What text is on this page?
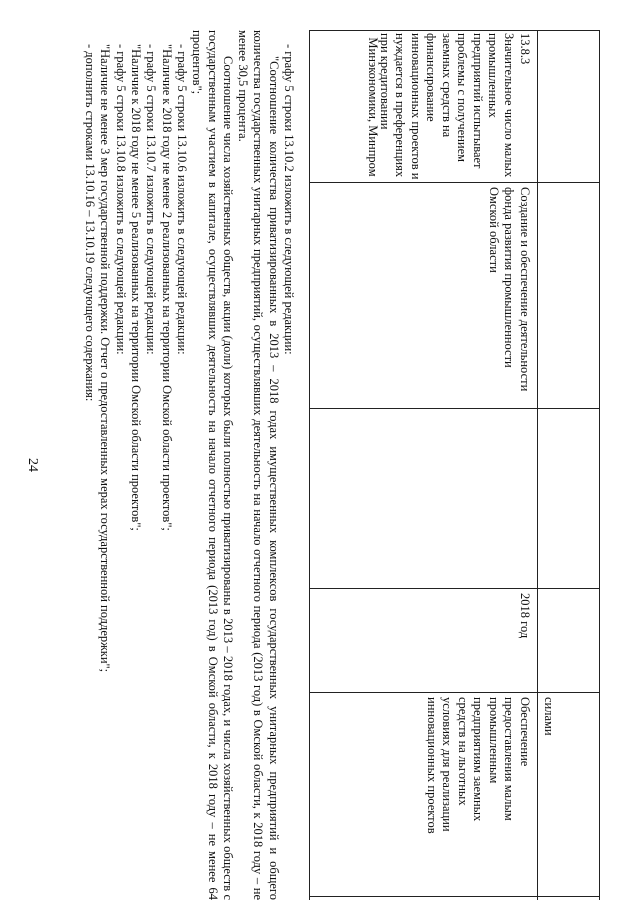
24
силами
13.8.3
Значительное число малых промышленных предприятий испытывает проблемы с получением заемных средств на финансирование инновационных проектов и нуждается в преференциях при кредитовании
Создание и обеспечение деятельности фонда развития промышленности Омской области
2018 год
Обеспечение предоставления малым промышленным предприятиям заемных средств на льготных условиях для реализации инновационных проектов
Минэкономики, Минпром

- графу 5 строки 13.10.2 изложить в следующей редакции:

"Соотношение количества приватизированных в 2013 – 2018 годах имущественных комплексов государственных унитарных предприятий и общего количества государственных унитарных предприятий, осуществлявших деятельность на начало отчетного периода (2013 год) в Омской области, к 2018 году – не менее 30,5 процента.

Соотношение числа хозяйственных обществ, акции (доли) которых были полностью приватизированы в 2013 – 2018 годах, и числа хозяйственных обществ с государственным участием в капитале, осуществлявших деятельность на начало отчетного периода (2013 год) в Омской области, к 2018 году – не менее 64 процентов";

- графу 5 строки 13.10.6 изложить в следующей редакции:

"Наличие к 2018 году не менее 2 реализованных на территории Омской области проектов";

- графу 5 строки 13.10.7 изложить в следующей редакции:

"Наличие к 2018 году не менее 5 реализованных на территории Омской области проектов";

- графу 5 строки 13.10.8 изложить в следующей редакции:

"Наличие не менее 3 мер государственной поддержки. Отчет о предоставленных мерах государственной поддержки";

- дополнить строками 13.10.16 – 13.10.19 следующего содержания:
